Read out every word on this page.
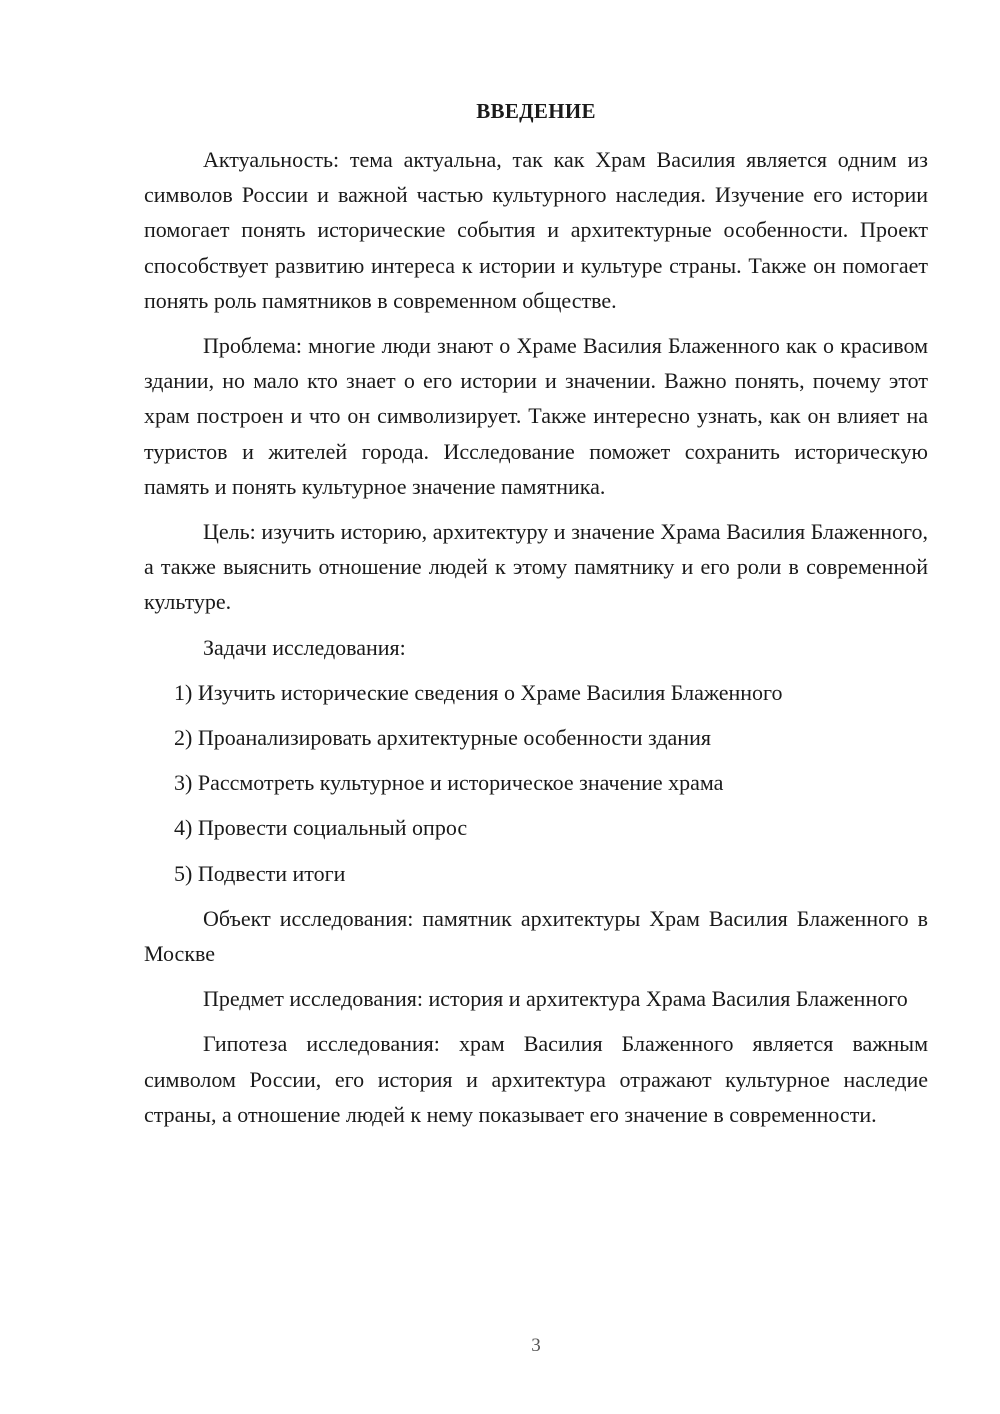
ВВЕДЕНИЕ

Актуальность: тема актуальна, так как Храм Василия является одним из символов России и важной частью культурного наследия. Изучение его истории помогает понять исторические события и архитектурные особенности. Проект способствует развитию интереса к истории и культуре страны. Также он помогает понять роль памятников в современном обществе.

Проблема: многие люди знают о Храме Василия Блаженного как о красивом здании, но мало кто знает о его истории и значении. Важно понять, почему этот храм построен и что он символизирует. Также интересно узнать, как он влияет на туристов и жителей города. Исследование поможет сохранить историческую память и понять культурное значение памятника.

Цель: изучить историю, архитектуру и значение Храма Василия Блаженного, а также выяснить отношение людей к этому памятнику и его роли в современной культуре.

Задачи исследования:

1)
Изучить исторические сведения о Храме Василия Блаженного
2)
Проанализировать архитектурные особенности здания
3)
Рассмотреть культурное и историческое значение храма
4)
Провести социальный опрос
5)
Подвести итоги

Объект исследования: памятник архитектуры Храм Василия Блаженного в Москве

Предмет исследования: история и архитектура Храма Василия Блаженного

Гипотеза исследования: храм Василия Блаженного является важным символом России, его история и архитектура отражают культурное наследие страны, а отношение людей к нему показывает его значение в современности.

3
